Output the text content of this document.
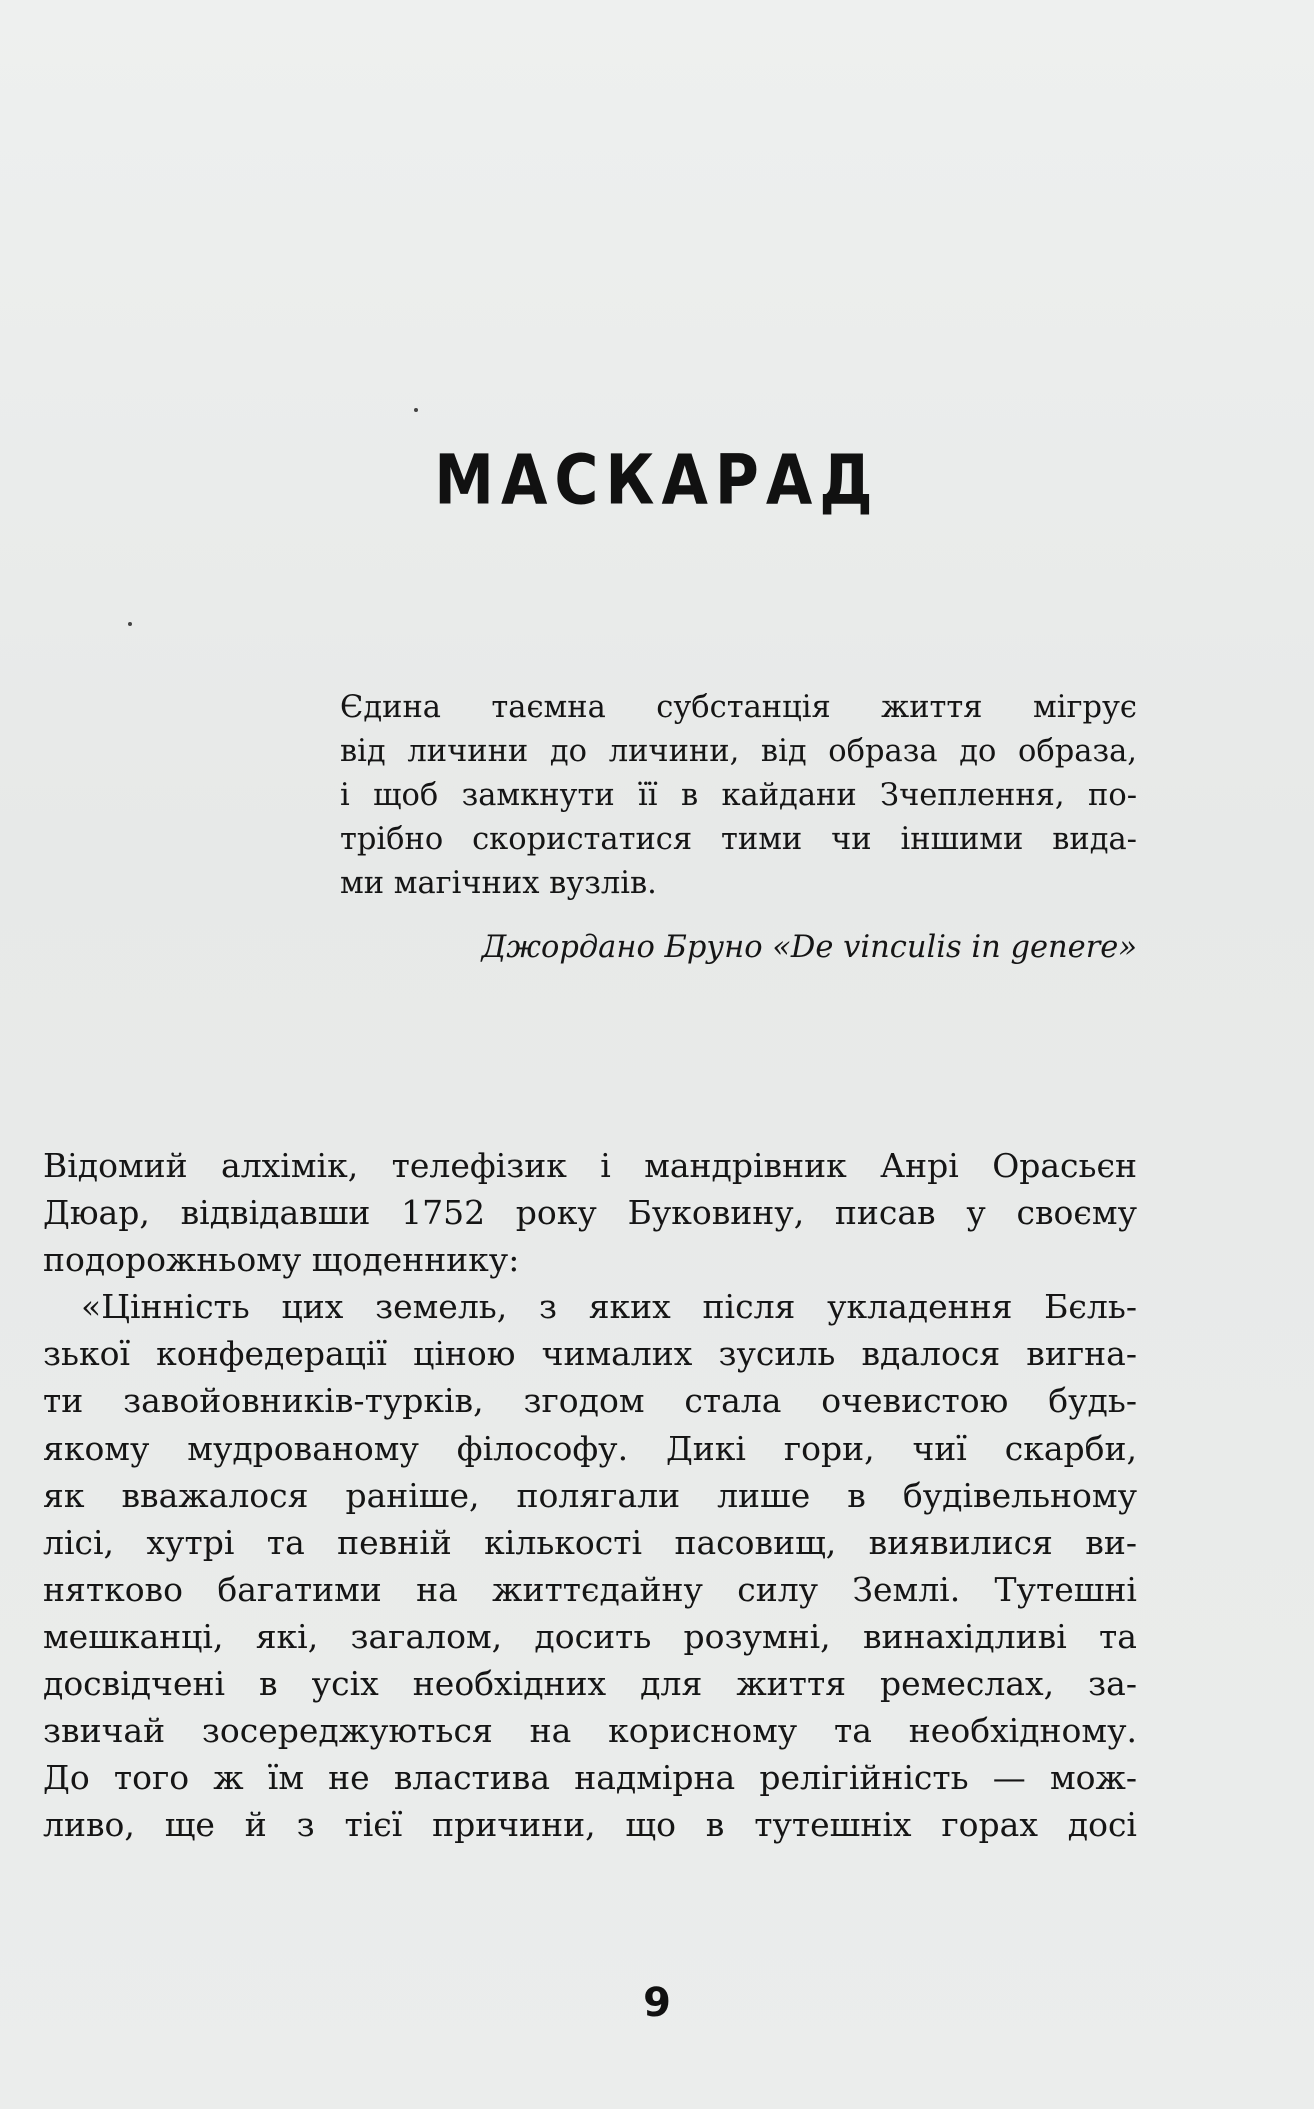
МАСКАРАД
Єдина таємна субстанція життя мігрує
від личини до личини, від образа до образа,
і щоб замкнути її в кайдани Зчеплення, по-
трібно скористатися тими чи іншими вида-
ми магічних вузлів.
Джордано Бруно «De vinculis in genere»
Відомий алхімік, телефізик і мандрівник Анрі Орасьєн
Дюар, відвідавши 1752 року Буковину, писав у своєму
подорожньому щоденнику:
«Цінність цих земель, з яких після укладення Бєль-
зької конфедерації ціною чималих зусиль вдалося вигна-
ти завойовників-турків, згодом стала очевистою будь-
якому мудрованому філософу. Дикі гори, чиї скарби,
як вважалося раніше, полягали лише в будівельному
лісі, хутрі та певній кількості пасовищ, виявилися ви-
нятково багатими на життєдайну силу Землі. Тутешні
мешканці, які, загалом, досить розумні, винахідливі та
досвідчені в усіх необхідних для життя ремеслах, за-
звичай зосереджуються на корисному та необхідному.
До того ж їм не властива надмірна релігійність — мож-
ливо, ще й з тієї причини, що в тутешніх горах досі
9
